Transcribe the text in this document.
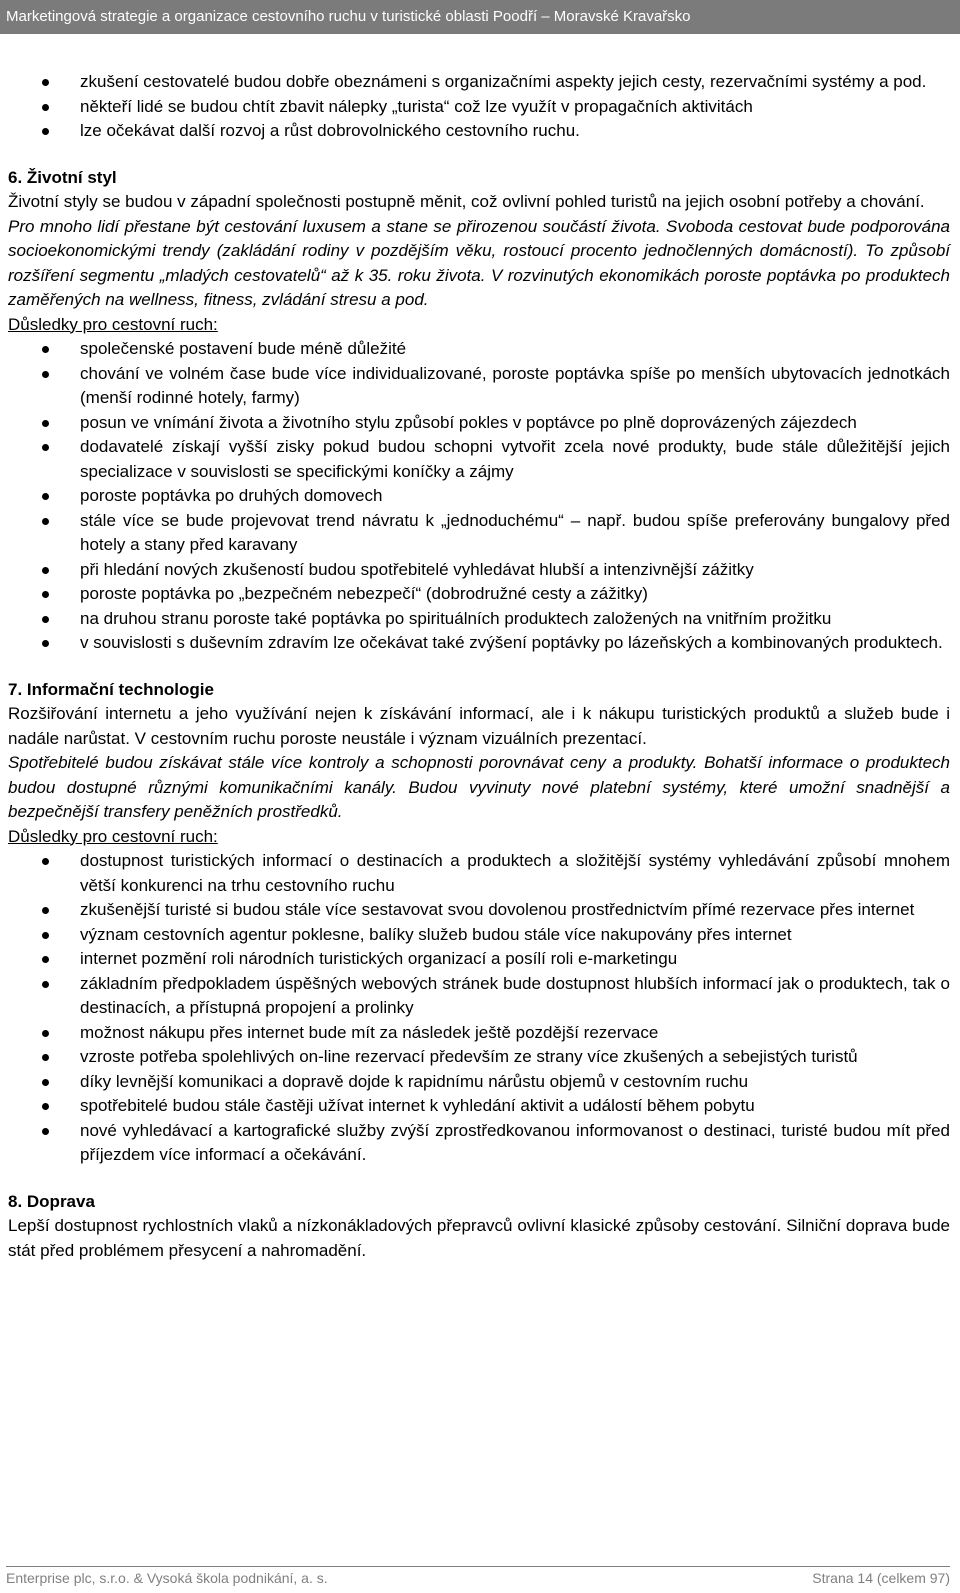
Marketingová strategie a organizace cestovního ruchu v turistické oblasti Poodří – Moravské Kravařsko
zkušení cestovatelé budou dobře obeznámeni s organizačními aspekty jejich cesty, rezervačními systémy a pod.
někteří lidé se budou chtít zbavit nálepky „turista“ což lze využít v propagačních aktivitách
lze očekávat další rozvoj a růst dobrovolnického cestovního ruchu.

6. Životní styl

Životní styly se budou v západní společnosti postupně měnit, což ovlivní pohled turistů na jejich osobní potřeby a chování.

Pro mnoho lidí přestane být cestování luxusem a stane se přirozenou součástí života. Svoboda cestovat bude podporována socioekonomickými trendy (zakládání rodiny v pozdějším věku, rostoucí procento jednočlenných domácností). To způsobí rozšíření segmentu „mladých cestovatelů“ až k 35. roku života. V rozvinutých ekonomikách poroste poptávka po produktech zaměřených na wellness, fitness, zvládání stresu a pod.

Důsledky pro cestovní ruch:

společenské postavení bude méně důležité
chování ve volném čase bude více individualizované, poroste poptávka spíše po menších ubytovacích jednotkách (menší rodinné hotely, farmy)
posun ve vnímání života a životního stylu způsobí pokles v poptávce po plně doprovázených zájezdech
dodavatelé získají vyšší zisky pokud budou schopni vytvořit zcela nové produkty, bude stále důležitější jejich specializace v souvislosti se specifickými koníčky a zájmy
poroste poptávka po druhých domovech
stále více se bude projevovat trend návratu k „jednoduchému“ – např. budou spíše preferovány bungalovy před hotely a stany před karavany
při hledání nových zkušeností budou spotřebitelé vyhledávat hlubší a intenzivnější zážitky
poroste poptávka po „bezpečném nebezpečí“ (dobrodružné cesty a zážitky)
na druhou stranu poroste také poptávka po spirituálních produktech založených na vnitřním prožitku
v souvislosti s duševním zdravím lze očekávat také zvýšení poptávky po lázeňských a kombinovaných produktech.

7. Informační technologie

Rozšiřování internetu a jeho využívání nejen k získávání informací, ale i k nákupu turistických produktů a služeb bude i nadále narůstat. V cestovním ruchu poroste neustále i význam vizuálních prezentací.

Spotřebitelé budou získávat stále více kontroly a schopnosti porovnávat ceny a produkty. Bohatší informace o produktech budou dostupné různými komunikačními kanály. Budou vyvinuty nové platební systémy, které umožní snadnější a bezpečnější transfery peněžních prostředků.

Důsledky pro cestovní ruch:

dostupnost turistických informací o destinacích a produktech a složitější systémy vyhledávání způsobí mnohem větší konkurenci na trhu cestovního ruchu
zkušenější turisté si budou stále více sestavovat svou dovolenou prostřednictvím přímé rezervace přes internet
význam cestovních agentur poklesne, balíky služeb budou stále více nakupovány přes internet
internet pozmění roli národních turistických organizací a posílí roli e-marketingu
základním předpokladem úspěšných webových stránek bude dostupnost hlubších informací jak o produktech, tak o destinacích, a přístupná propojení a prolinky
možnost nákupu přes internet bude mít za následek ještě pozdější rezervace
vzroste potřeba spolehlivých on-line rezervací především ze strany více zkušených a sebejistých turistů
díky levnější komunikaci a dopravě dojde k rapidnímu nárůstu objemů v cestovním ruchu
spotřebitelé budou stále častěji užívat internet k vyhledání aktivit a událostí během pobytu
nové vyhledávací a kartografické služby zvýší zprostředkovanou informovanost o destinaci, turisté budou mít před příjezdem více informací a očekávání.

8. Doprava

Lepší dostupnost rychlostních vlaků a nízkonákladových přepravců ovlivní klasické způsoby cestování. Silniční doprava bude stát před problémem přesycení a nahromadění.

Enterprise plc, s.r.o. & Vysoká škola podnikání, a. s.	Strana 14 (celkem 97)
